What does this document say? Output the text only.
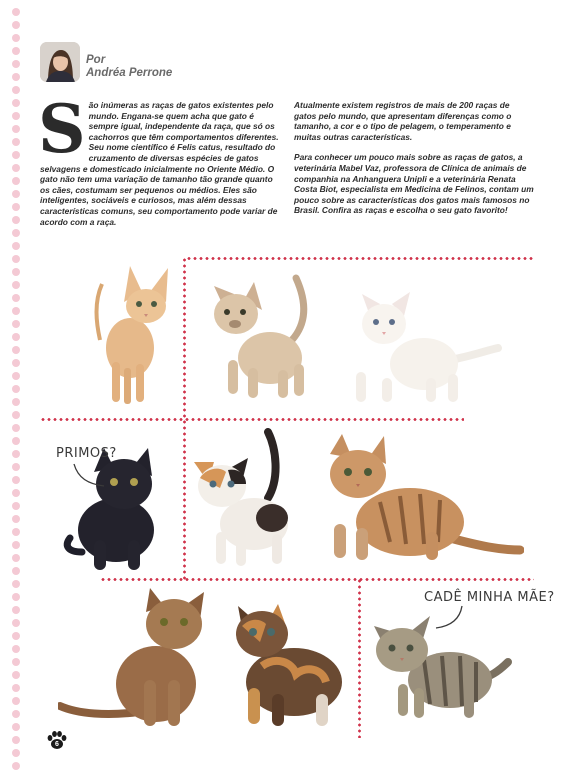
Por
Andréa Perrone
S ão inúmeras as raças de gatos existentes pelo mundo. Engana-se quem acha que gato é sempre igual, independente da raça, que só os cachorros que têm comportamentos diferentes. Seu nome científico é Felis catus, resultado do cruzamento de diversas espécies de gatos selvagens e domesticado inicialmente no Oriente Médio. O gato não tem uma variação de tamanho tão grande quanto os cães, costumam ser pequenos ou médios. Eles são inteligentes, sociáveis e curiosos, mas além dessas características comuns, seu comportamento pode variar de acordo com a raça.

Atualmente existem registros de mais de 200 raças de gatos pelo mundo, que apresentam diferenças como o tamanho, a cor e o tipo de pelagem, o temperamento e muitas outras características.

Para conhecer um pouco mais sobre as raças de gatos, a veterinária Mabel Vaz, professora de Clínica de animais de companhia na Anhanguera Unipli e a veterinária Renata Costa Biot, especialista em Medicina de Felinos, contam um pouco sobre as características dos gatos mais famosos no Brasil. Confira as raças e escolha o seu gato favorito!

PRIMOS?
CADÊ MINHA MÃE?
6
